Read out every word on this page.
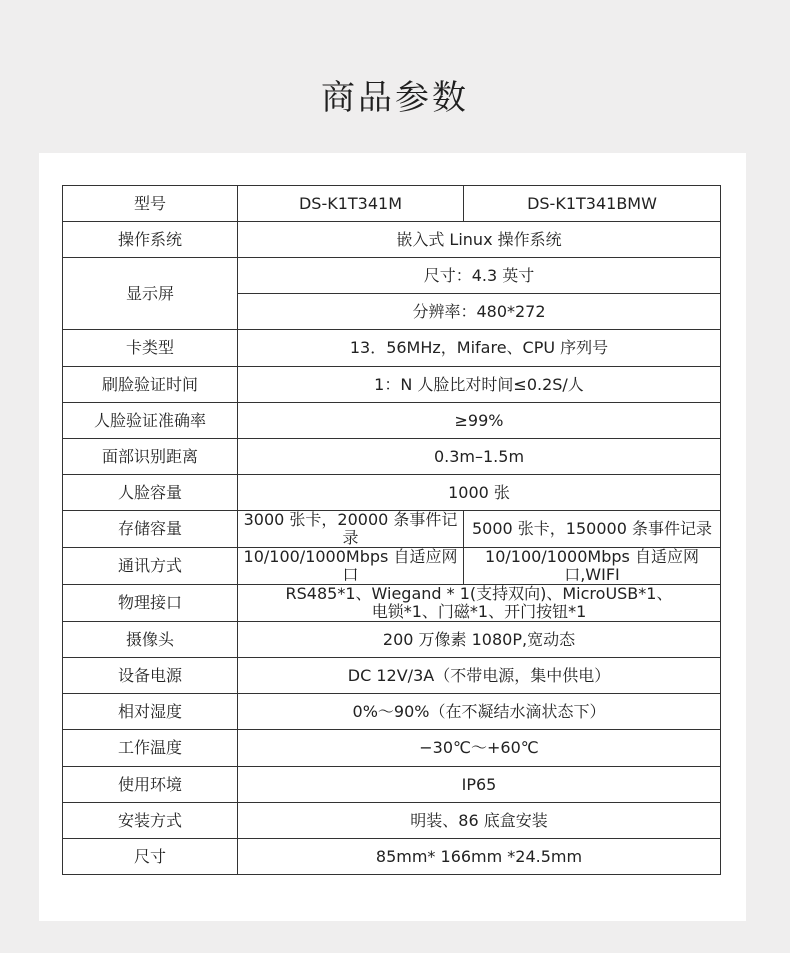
商品参数
型号	DS-K1T341M	DS-K1T341BMW
操作系统	嵌入式 Linux 操作系统	
显示屏	尺寸：4.3 英寸	
	分辨率：480*272	
卡类型	13．56MHz，Mifare、CPU 序列号	
刷脸验证时间	1：N 人脸比对时间≤0.2S/人	
人脸验证准确率	≥99%	
面部识别距离	0.3m–1.5m	
人脸容量	1000 张	
存储容量	3000 张卡，20000 条事件记录	5000 张卡，150000 条事件记录
通讯方式	10/100/1000Mbps 自适应网口	10/100/1000Mbps 自适应网口,WIFI
物理接口	RS485*1、Wiegand * 1(支持双向)、MicroUSB*1、
电锁*1、门磁*1、开门按钮*1	

摄像头	200 万像素 1080P,宽动态	
设备电源	DC 12V/3A（不带电源，集中供电）	
相对湿度	0%～90%（在不凝结水滴状态下）	
工作温度	−30℃～+60℃	
使用环境	IP65	
安装方式	明装、86 底盒安装	
尺寸	85mm* 166mm *24.5mm	
